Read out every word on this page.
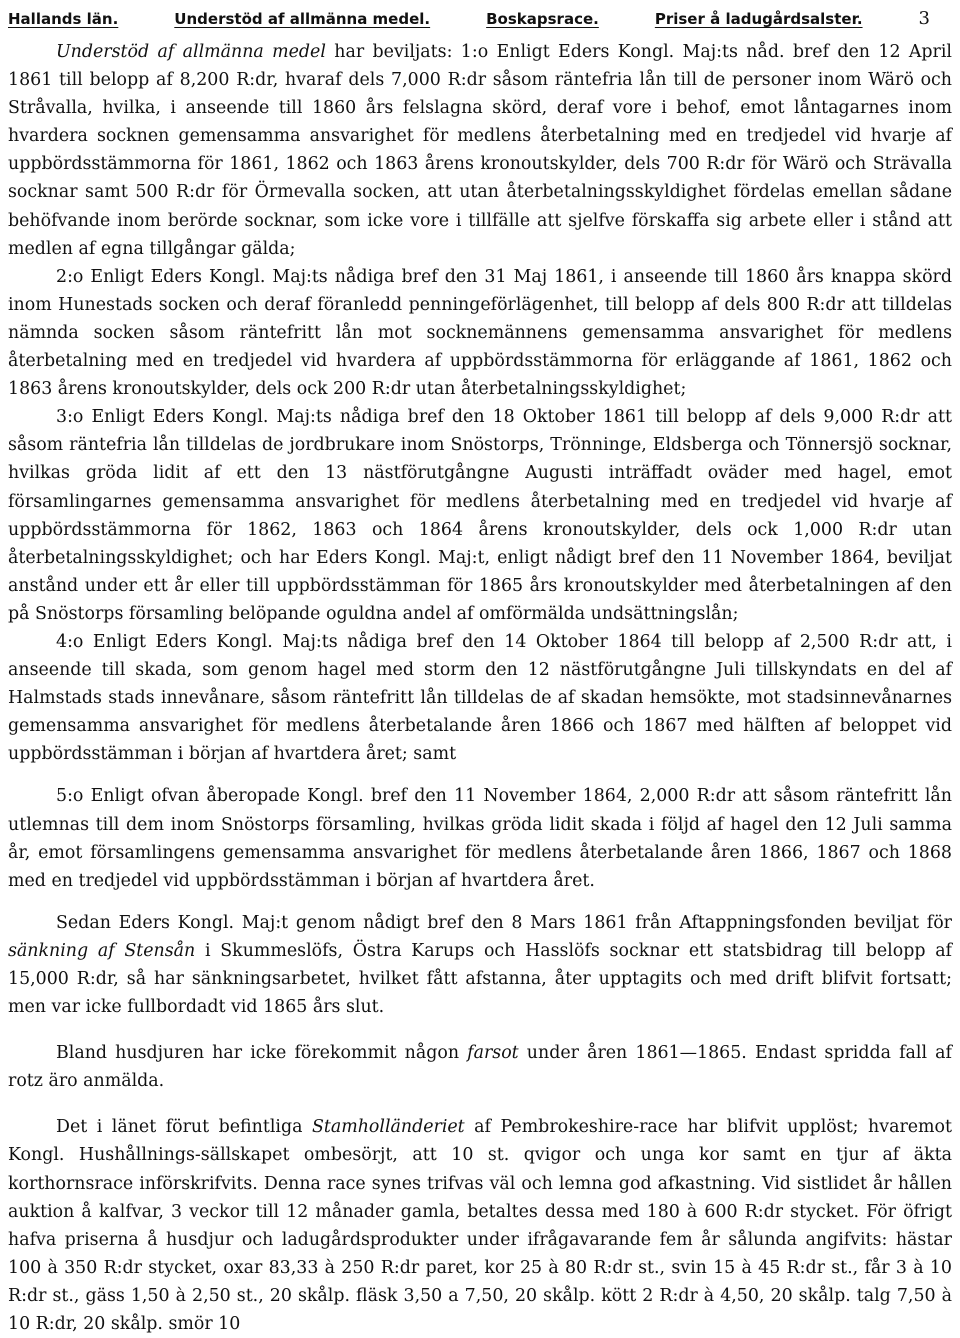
Hallands län.	Understöd af allmänna medel.	Boskapsrace.	Priser å ladugårdsalster.	3

Understöd af allmänna medel har beviljats: 1:o Enligt Eders Kongl. Maj:ts nåd. bref den 12 April 1861 till belopp af 8,200 R:dr, hvaraf dels 7,000 R:dr såsom räntefria lån till de personer inom Wärö och Stråvalla, hvilka, i anseende till 1860 års felslagna skörd, deraf vore i behof, emot låntagarnes inom hvardera socknen gemensamma ansvarighet för medlens återbetalning med en tredjedel vid hvarje af uppbördsstämmorna för 1861, 1862 och 1863 årens kronoutskylder, dels 700 R:dr för Wärö och Strävalla socknar samt 500 R:dr för Örmevalla socken, att utan återbetalningsskyldighet fördelas emellan sådane behöfvande inom berörde socknar, som icke vore i tillfälle att sjelfve förskaffa sig arbete eller i stånd att medlen af egna tillgångar gälda;

2:o Enligt Eders Kongl. Maj:ts nådiga bref den 31 Maj 1861, i anseende till 1860 års knappa skörd inom Hunestads socken och deraf föranledd penningeförlägenhet, till belopp af dels 800 R:dr att tilldelas nämnda socken såsom räntefritt lån mot socknemännens gemensamma ansvarighet för medlens återbetalning med en tredjedel vid hvardera af uppbördsstämmorna för erläggande af 1861, 1862 och 1863 årens kronoutskylder, dels ock 200 R:dr utan återbetalningsskyldighet;

3:o Enligt Eders Kongl. Maj:ts nådiga bref den 18 Oktober 1861 till belopp af dels 9,000 R:dr att såsom räntefria lån tilldelas de jordbrukare inom Snöstorps, Trönninge, Eldsberga och Tönnersjö socknar, hvilkas gröda lidit af ett den 13 nästförutgångne Augusti inträffadt oväder med hagel, emot församlingarnes gemensamma ansvarighet för medlens återbetalning med en tredjedel vid hvarje af uppbördsstämmorna för 1862, 1863 och 1864 årens kronoutskylder, dels ock 1,000 R:dr utan återbetalningsskyldighet; och har Eders Kongl. Maj:t, enligt nådigt bref den 11 November 1864, beviljat anstånd under ett år eller till uppbördsstämman för 1865 års kronoutskylder med återbetalningen af den på Snöstorps församling belöpande oguldna andel af omförmälda undsättningslån;

4:o Enligt Eders Kongl. Maj:ts nådiga bref den 14 Oktober 1864 till belopp af 2,500 R:dr att, i anseende till skada, som genom hagel med storm den 12 nästförutgångne Juli tillskyndats en del af Halmstads stads innevånare, såsom räntefritt lån tilldelas de af skadan hemsökte, mot stadsinnevånarnes gemensamma ansvarighet för medlens återbetalande åren 1866 och 1867 med hälften af beloppet vid uppbördsstämman i början af hvartdera året; samt

5:o Enligt ofvan åberopade Kongl. bref den 11 November 1864, 2,000 R:dr att såsom räntefritt lån utlemnas till dem inom Snöstorps församling, hvilkas gröda lidit skada i följd af hagel den 12 Juli samma år, emot församlingens gemensamma ansvarighet för medlens återbetalande åren 1866, 1867 och 1868 med en tredjedel vid uppbördsstämman i början af hvartdera året.

Sedan Eders Kongl. Maj:t genom nådigt bref den 8 Mars 1861 från Aftappningsfonden beviljat för sänkning af Stensån i Skummeslöfs, Östra Karups och Hasslöfs socknar ett statsbidrag till belopp af 15,000 R:dr, så har sänkningsarbetet, hvilket fått afstanna, åter upptagits och med drift blifvit fortsatt; men var icke fullbordadt vid 1865 års slut.

Bland husdjuren har icke förekommit någon farsot under åren 1861—1865. Endast spridda fall af rotz äro anmälda.

Det i länet förut befintliga Stamholländeriet af Pembrokeshire-race har blifvit upplöst; hvaremot Kongl. Hushållnings-sällskapet ombesörjt, att 10 st. qvigor och unga kor samt en tjur af äkta korthornsrace införskrifvits. Denna race synes trifvas väl och lemna god afkastning. Vid sistlidet år hållen auktion å kalfvar, 3 veckor till 12 månader gamla, betaltes dessa med 180 à 600 R:dr stycket. För öfrigt hafva priserna å husdjur och ladugårdsprodukter under ifrågavarande fem år sålunda angifvits: hästar 100 à 350 R:dr stycket, oxar 83,33 à 250 R:dr paret, kor 25 à 80 R:dr st., svin 15 à 45 R:dr st., får 3 à 10 R:dr st., gäss 1,50 à 2,50 st., 20 skålp. fläsk 3,50 a 7,50, 20 skålp. kött 2 R:dr à 4,50, 20 skålp. talg 7,50 à 10 R:dr, 20 skålp. smör 10
